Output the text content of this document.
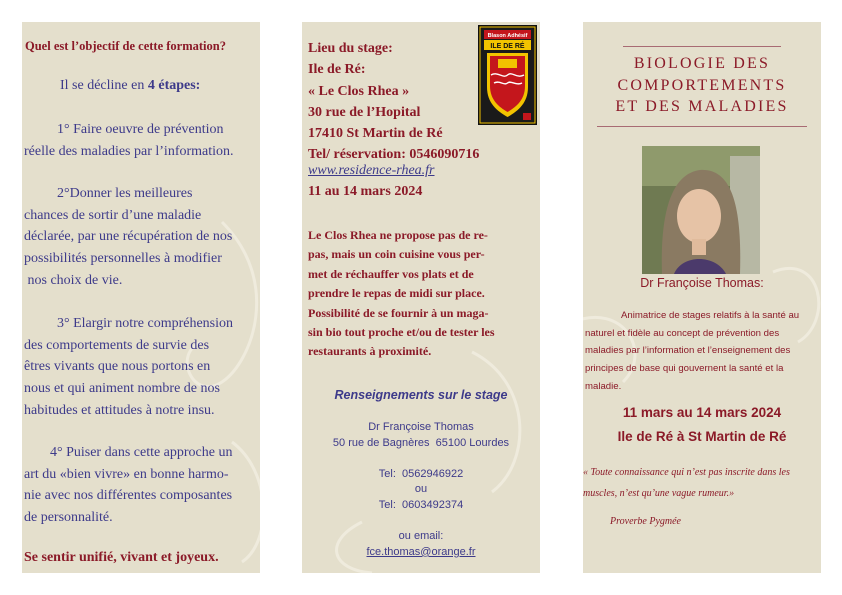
Quel est l’objectif de cette formation?

Il se décline en 4 étapes:

1° Faire oeuvre de prévention
réelle des maladies par l’information.
2°Donner les meilleures
chances de sortir d’une maladie
déclarée, par une récupération de nos
possibilités personnelles à modifier
nos choix de vie.
3° Elargir notre compréhension
des comportements de survie des
êtres vivants que nous portons en
nous et qui animent nombre de nos
habitudes et attitudes à notre insu.
4° Puiser dans cette approche un
art du «bien vivre» en bonne harmo-
nie avec nos différentes composantes
de personnalité.

Se sentir unifié, vivant et joyeux.

Lieu du stage:
Ile de Ré:
« Le Clos Rhea »
30 rue de l’Hopital
17410 St Martin de Ré
Tel/ réservation: 0546090716
www.residence-rhea.fr

11 au 14 mars 2024

Blason Adhésif
ILE DE RÉ
Le Clos Rhea ne propose pas de re-
pas, mais un coin cuisine vous per-
met de réchauffer vos plats et de
prendre le repas de midi sur place.
Possibilité de se fournir à un maga-
sin bio tout proche et/ou de tester les
restaurants à proximité.

Renseignements sur le stage

Dr Françoise Thomas
50 rue de Bagnères  65100 Lourdes
Tel:  0562946922
ou
Tel:  0603492374
ou email:
fce.thomas@orange.fr
BIOLOGIE DES
COMPORTEMENTS
ET DES MALADIES

Dr Françoise Thomas:

Animatrice de stages relatifs à la santé au naturel et fidèle au concept de prévention des maladies par l’information et l’enseignement des principes de base qui gouvernent la santé et la maladie.

11 mars au 14 mars 2024
Ile de Ré à St Martin de Ré

« Toute connaissance qui n’est pas inscrite dans les muscles, n’est qu’une vague rumeur.»

Proverbe Pygmée
